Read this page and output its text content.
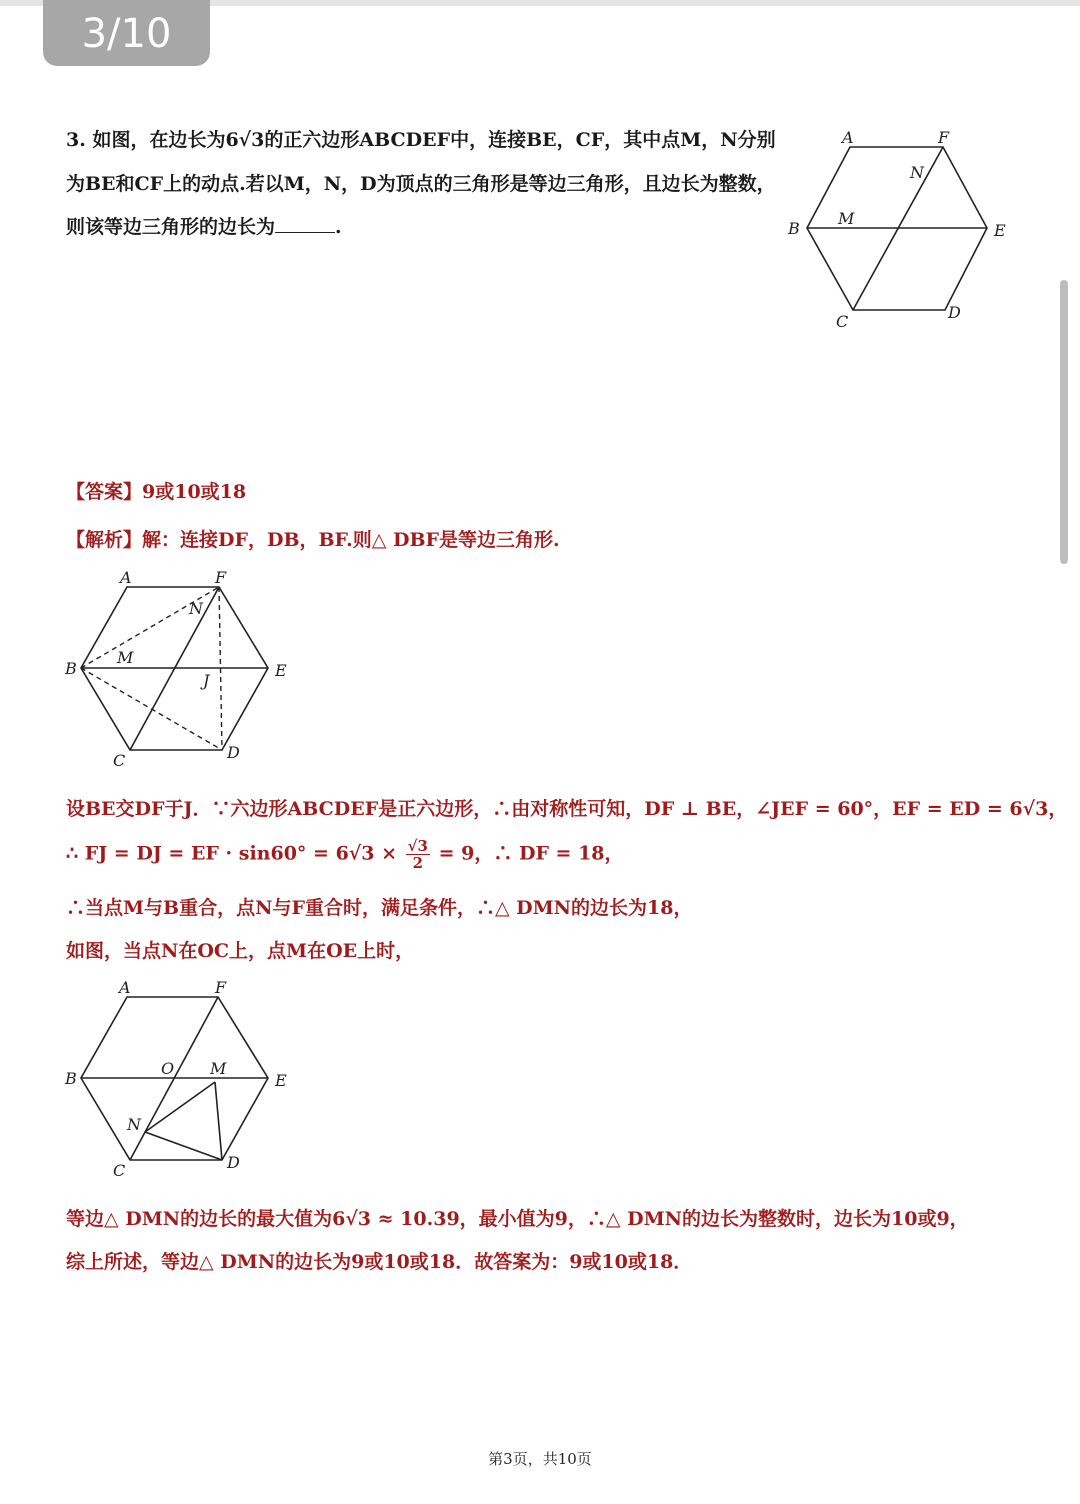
3/10
3. 如图，在边长为6√3的正六边形ABCDEF中，连接BE，CF，其中点M，N分别
为BE和CF上的动点.若以M，N，D为顶点的三角形是等边三角形，且边长为整数，
则该等边三角形的边长为	.
A	F
N
B
M
E
C	D
【答案】9或10或18
【解析】解：连接DF，DB，BF.则△ DBF是等边三角形.
A	F
N
B
M
J
E
C	D
设BE交DF于J．∵六边形ABCDEF是正六边形，∴由对称性可知，DF ⊥ BE，∠JEF = 60°，EF = ED = 6√3，
∴ FJ = DJ = EF · $\sin 60^\circ = 6√3 \times \frac{√3}{2} = 9$，∴ DF = 18，
∴当点M与B重合，点N与F重合时，满足条件，∴△ DMN的边长为18，
如图，当点N在OC上，点M在OE上时，
A	F
B
O M
E
N
C	D
等边△ DMN的边长的最大值为6√3 ≈ 10.39，最小值为9，∴△ DMN的边长为整数时，边长为10或9，
综上所述，等边△ DMN的边长为9或10或18．故答案为：9或10或18．
第3页，共10页
